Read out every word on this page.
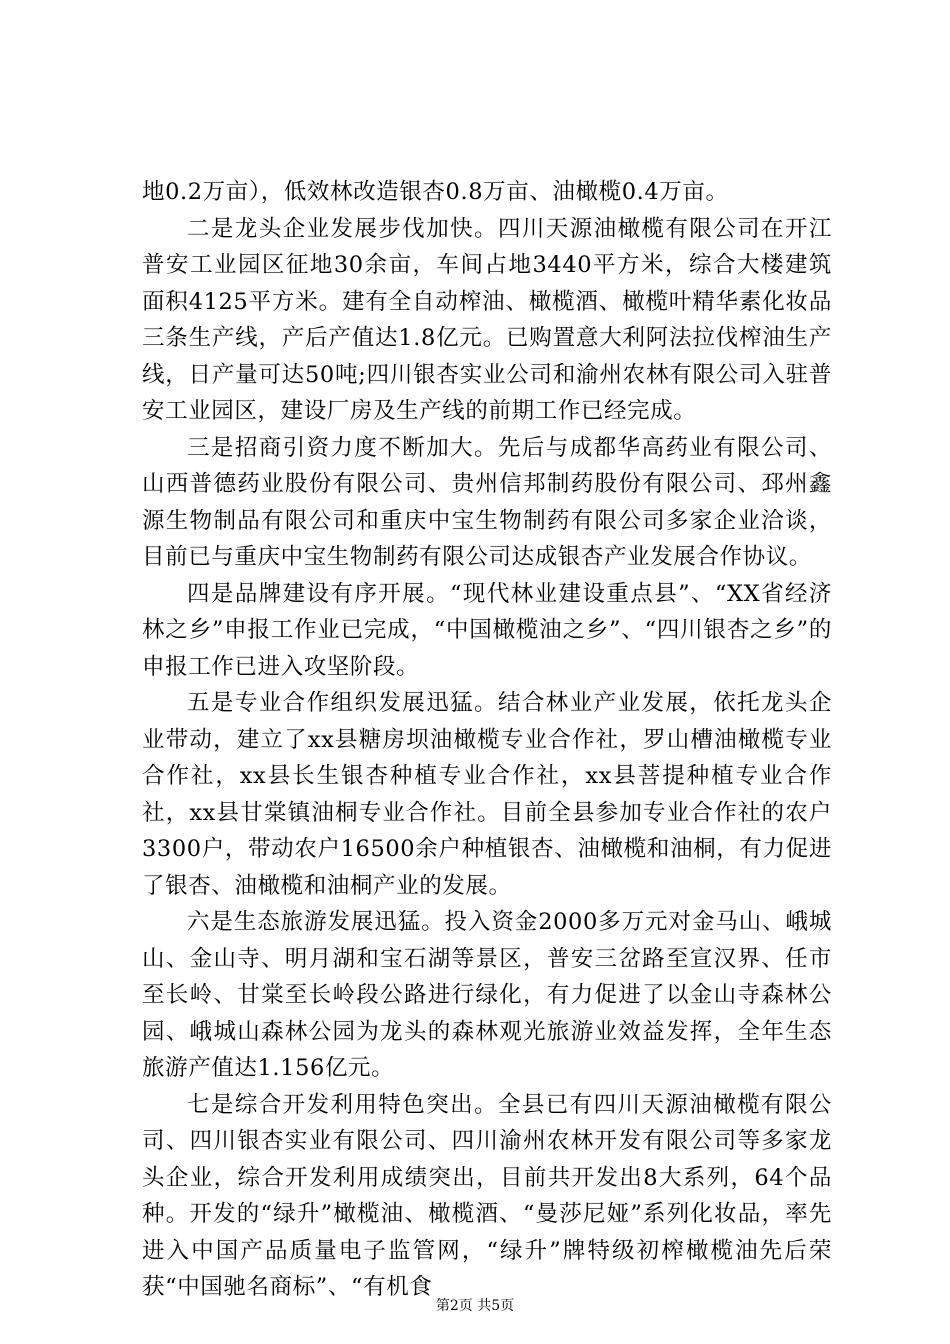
地0.2万亩），低效林改造银杏0.8万亩、油橄榄0.4万亩。

二是龙头企业发展步伐加快。四川天源油橄榄有限公司在开江普安工业园区征地30余亩，车间占地3440平方米，综合大楼建筑面积4125平方米。建有全自动榨油、橄榄酒、橄榄叶精华素化妆品三条生产线，产后产值达1.8亿元。已购置意大利阿法拉伐榨油生产线，日产量可达50吨;四川银杏实业公司和渝州农林有限公司入驻普安工业园区，建设厂房及生产线的前期工作已经完成。

三是招商引资力度不断加大。先后与成都华高药业有限公司、山西普德药业股份有限公司、贵州信邦制药股份有限公司、邳州鑫源生物制品有限公司和重庆中宝生物制药有限公司多家企业洽谈，目前已与重庆中宝生物制药有限公司达成银杏产业发展合作协议。

四是品牌建设有序开展。“现代林业建设重点县”、“XX省经济林之乡”申报工作业已完成，“中国橄榄油之乡”、“四川银杏之乡”的申报工作已进入攻坚阶段。

五是专业合作组织发展迅猛。结合林业产业发展，依托龙头企业带动，建立了xx县糖房坝油橄榄专业合作社，罗山槽油橄榄专业合作社，xx县长生银杏种植专业合作社，xx县菩提种植专业合作社，xx县甘棠镇油桐专业合作社。目前全县参加专业合作社的农户3300户，带动农户16500余户种植银杏、油橄榄和油桐，有力促进了银杏、油橄榄和油桐产业的发展。

六是生态旅游发展迅猛。投入资金2000多万元对金马山、峨城山、金山寺、明月湖和宝石湖等景区，普安三岔路至宣汉界、任市至长岭、甘棠至长岭段公路进行绿化，有力促进了以金山寺森林公园、峨城山森林公园为龙头的森林观光旅游业效益发挥，全年生态旅游产值达1.156亿元。

七是综合开发利用特色突出。全县已有四川天源油橄榄有限公司、四川银杏实业有限公司、四川渝州农林开发有限公司等多家龙头企业，综合开发利用成绩突出，目前共开发出8大系列，64个品种。开发的“绿升”橄榄油、橄榄酒、“曼莎尼娅”系列化妆品，率先进入中国产品质量电子监管网，“绿升”牌特级初榨橄榄油先后荣获“中国驰名商标”、“有机食

第2页 共5页
